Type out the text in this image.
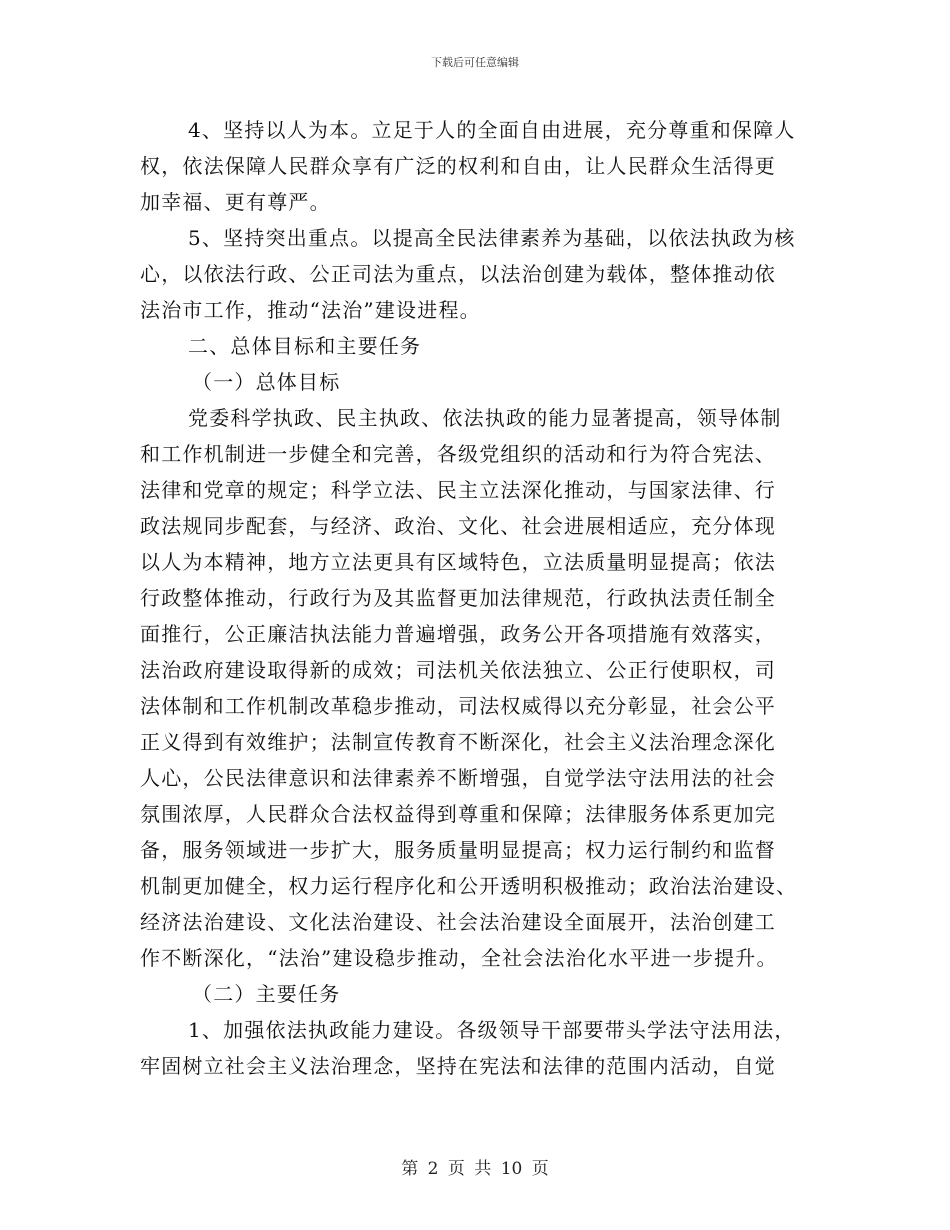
下载后可任意编辑

4、坚持以人为本。立足于人的全面自由进展，充分尊重和保障人

权，依法保障人民群众享有广泛的权利和自由，让人民群众生活得更

加幸福、更有尊严。

5、坚持突出重点。以提高全民法律素养为基础，以依法执政为核

心，以依法行政、公正司法为重点，以法治创建为载体，整体推动依

法治市工作，推动“法治”建设进程。

二、总体目标和主要任务

（一）总体目标

党委科学执政、民主执政、依法执政的能力显著提高，领导体制

和工作机制进一步健全和完善，各级党组织的活动和行为符合宪法、

法律和党章的规定；科学立法、民主立法深化推动，与国家法律、行

政法规同步配套，与经济、政治、文化、社会进展相适应，充分体现

以人为本精神，地方立法更具有区域特色，立法质量明显提高；依法

行政整体推动，行政行为及其监督更加法律规范，行政执法责任制全

面推行，公正廉洁执法能力普遍增强，政务公开各项措施有效落实，

法治政府建设取得新的成效；司法机关依法独立、公正行使职权，司

法体制和工作机制改革稳步推动，司法权威得以充分彰显，社会公平

正义得到有效维护；法制宣传教育不断深化，社会主义法治理念深化

人心，公民法律意识和法律素养不断增强，自觉学法守法用法的社会

氛围浓厚，人民群众合法权益得到尊重和保障；法律服务体系更加完

备，服务领域进一步扩大，服务质量明显提高；权力运行制约和监督

机制更加健全，权力运行程序化和公开透明积极推动；政治法治建设、

经济法治建设、文化法治建设、社会法治建设全面展开，法治创建工

作不断深化，“法治”建设稳步推动，全社会法治化水平进一步提升。

（二）主要任务

1、加强依法执政能力建设。各级领导干部要带头学法守法用法，

牢固树立社会主义法治理念，坚持在宪法和法律的范围内活动，自觉

第 2 页 共 10 页
